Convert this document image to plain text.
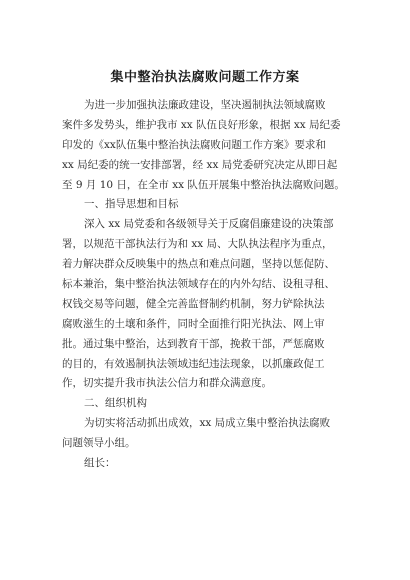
集中整治执法腐败问题工作方案
为进一步加强执法廉政建设，坚决遏制执法领域腐败
案件多发势头，维护我市 xx 队伍良好形象，根据 xx 局纪委
印发的《xx队伍集中整治执法腐败问题工作方案》要求和
xx 局纪委的统一安排部署，经 xx 局党委研究决定从即日起
至 9 月 10 日，在全市 xx 队伍开展集中整治执法腐败问题。
一、指导思想和目标
深入 xx 局党委和各级领导关于反腐倡廉建设的决策部
署，以规范干部执法行为和 xx 局、大队执法程序为重点，
着力解决群众反映集中的热点和难点问题，坚持以惩促防、
标本兼治，集中整治执法领域存在的内外勾结、设租寻租、
权钱交易等问题，健全完善监督制约机制，努力铲除执法
腐败滋生的土壤和条件，同时全面推行阳光执法、网上审
批。通过集中整治，达到教育干部，挽救干部，严惩腐败
的目的，有效遏制执法领域违纪违法现象，以抓廉政促工
作，切实提升我市执法公信力和群众满意度。
二、组织机构
为切实将活动抓出成效，xx 局成立集中整治执法腐败
问题领导小组。
组长：
